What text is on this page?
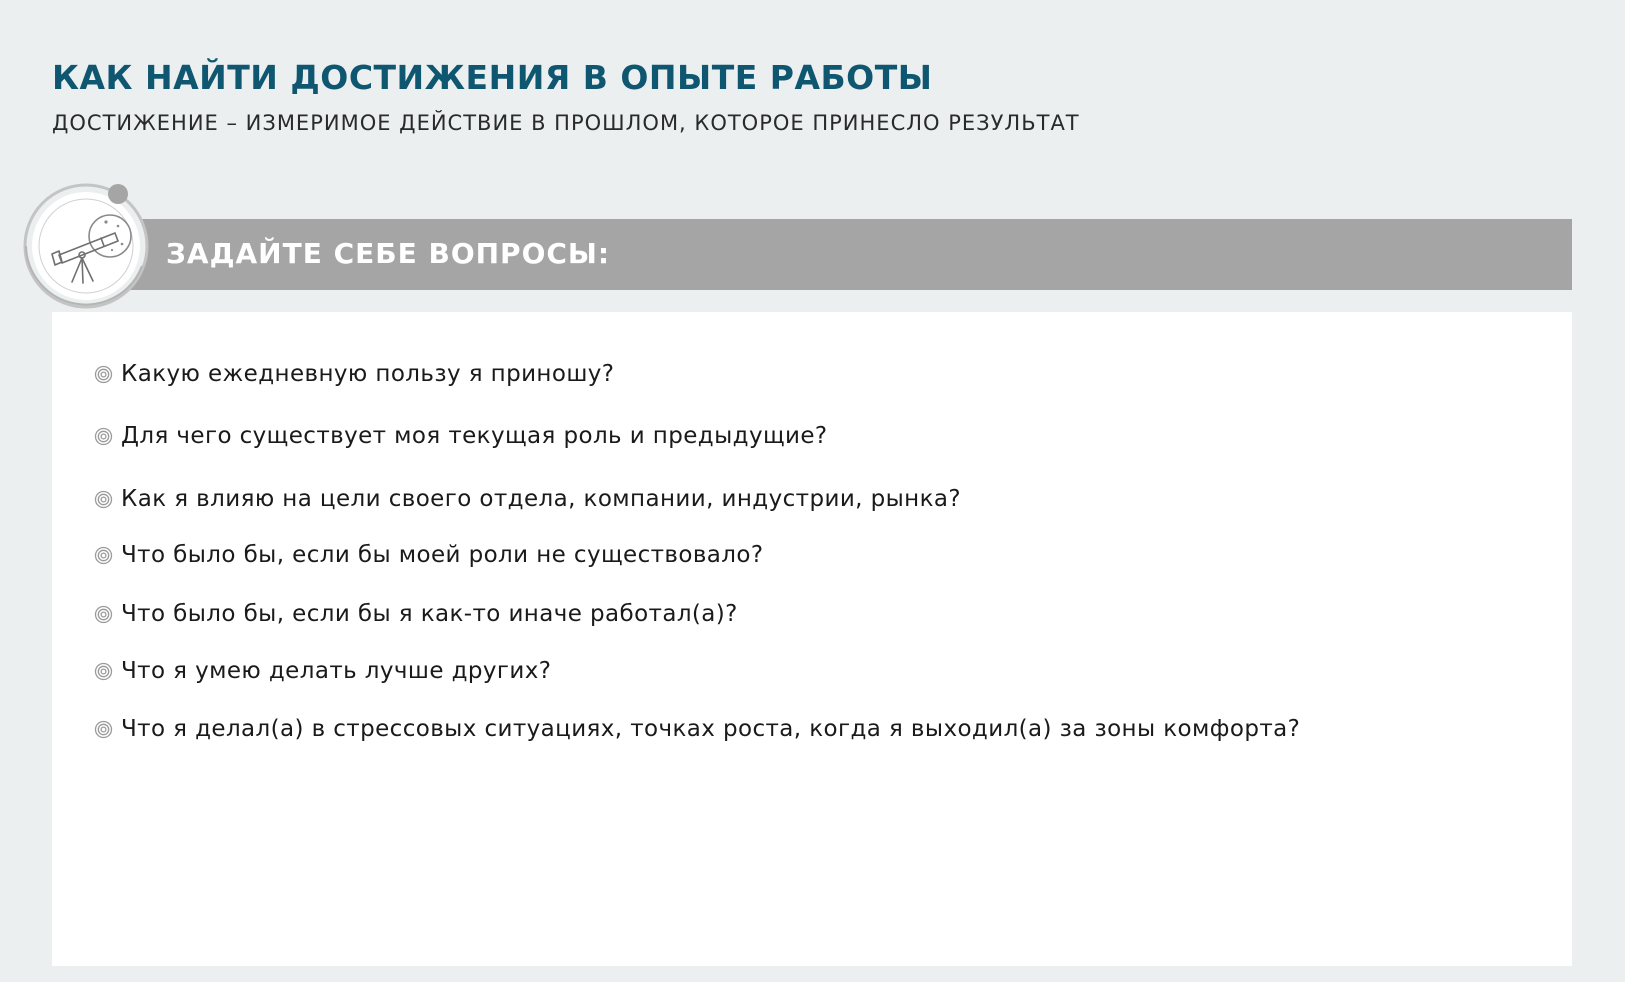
КАК НАЙТИ ДОСТИЖЕНИЯ В ОПЫТЕ РАБОТЫ
ДОСТИЖЕНИЕ – ИЗМЕРИМОЕ ДЕЙСТВИЕ В ПРОШЛОМ, КОТОРОЕ ПРИНЕСЛО РЕЗУЛЬТАТ
ЗАДАЙТЕ СЕБЕ ВОПРОСЫ:
Какую ежедневную пользу я приношу?
Для чего существует моя текущая роль и предыдущие?
Как я влияю на цели своего отдела, компании, индустрии, рынка?
Что было бы, если бы моей роли не существовало?
Что было бы, если бы я как-то иначе работал(а)?
Что я умею делать лучше других?
Что я делал(а) в стрессовых ситуациях, точках роста, когда я выходил(а) за зоны комфорта?
